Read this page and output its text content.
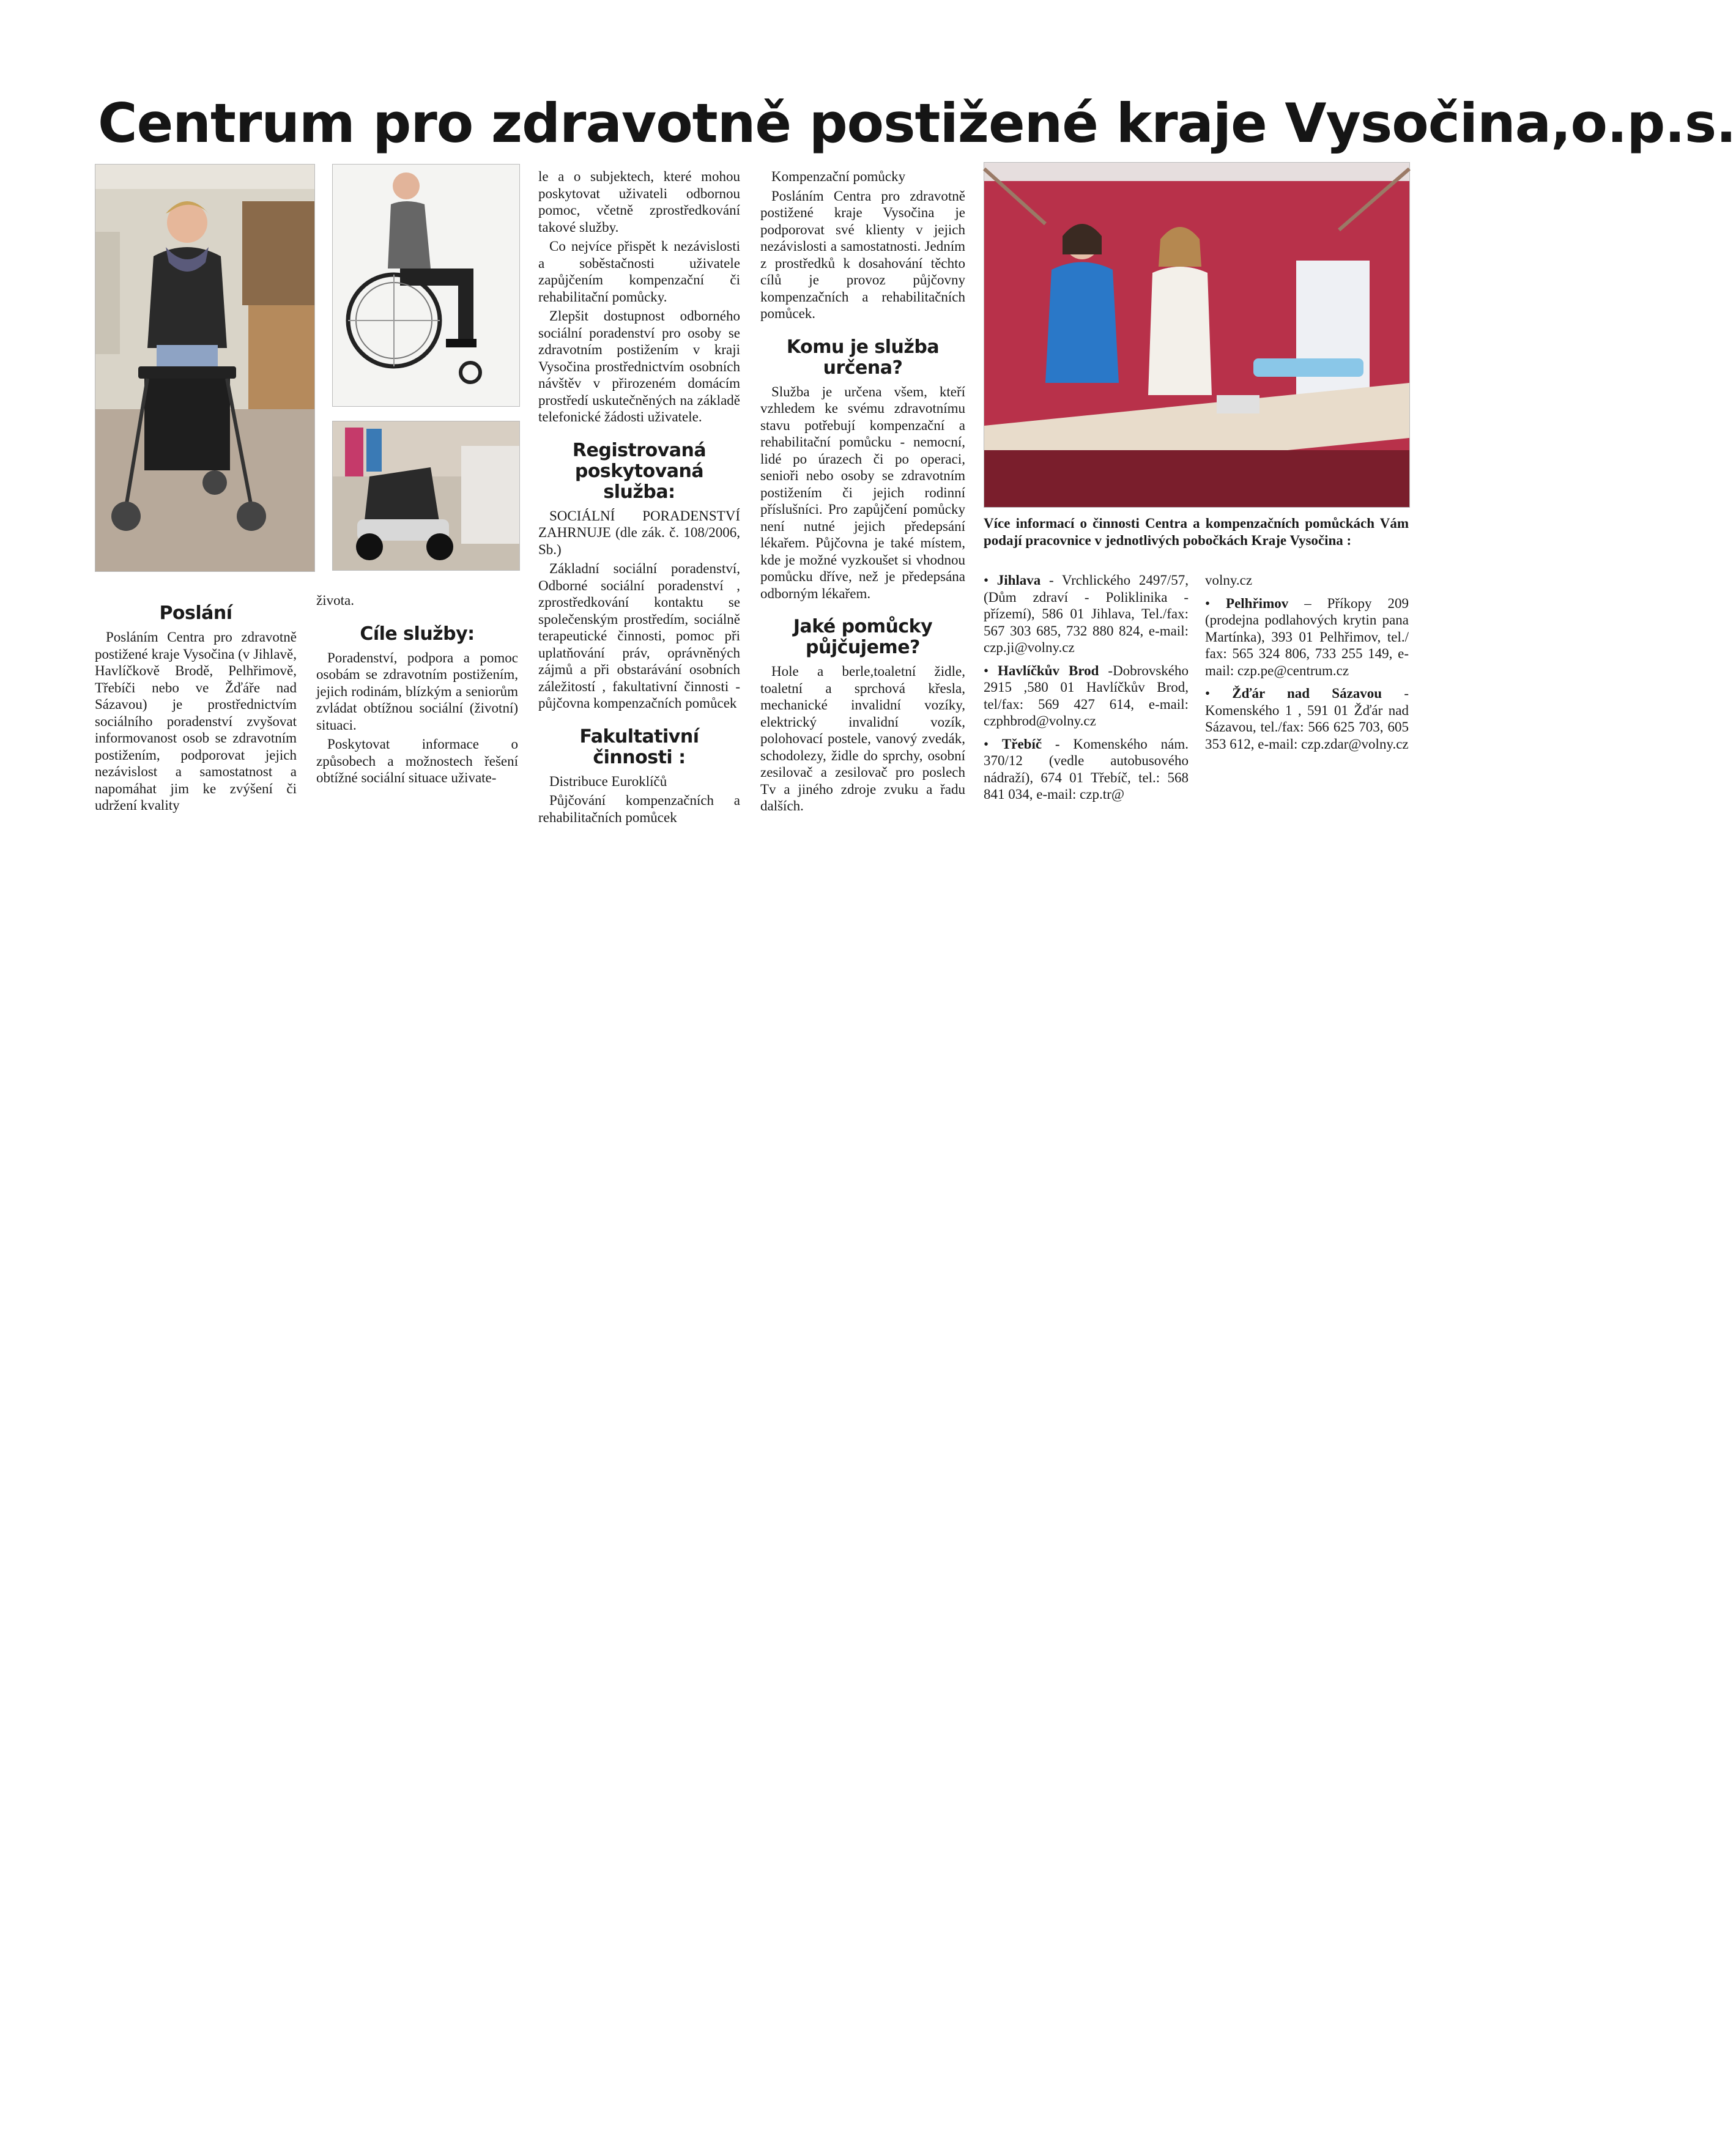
Centrum pro zdravotně postižené kraje Vysočina,o.p.s.
Poslání

Posláním Centra pro zdravotně postižené kraje Vysočina (v Jihlavě, Havlíčkově Brodě, Pelhřimově, Třebíči nebo ve Žďáře nad Sázavou) je prostřednictvím sociálního poradenství zvyšovat informovanost osob se zdravotním postižením, podporovat jejich nezávislost a samostatnost a napomáhat jim ke zvýšení či udržení kvality

života.

Cíle služby:

Poradenství, podpora a pomoc osobám se zdravotním postižením, jejich rodinám, blízkým a seniorům zvládat obtížnou sociální (životní) situaci.

Poskytovat informace o způsobech a možnostech řešení obtížné sociální situace uživate-

le a o subjektech, které mohou poskytovat uživateli odbornou pomoc, včetně zprostředkování takové služby.

Co nejvíce přispět k nezávislosti a soběstačnosti uživatele zapůjčením kompenzační či rehabilitační pomůcky.

Zlepšit dostupnost odborného sociální poradenství pro osoby se zdravotním postižením v kraji Vysočina prostřednictvím osobních návštěv v přirozeném domácím prostředí uskutečněných na základě telefonické žádosti uživatele.

Registrovaná poskytovaná služba:

SOCIÁLNÍ PORADENSTVÍ ZAHRNUJE (dle zák. č. 108/2006, Sb.)

Základní sociální poradenství, Odborné sociální poradenství , zprostředkování kontaktu se společenským prostředím, sociálně terapeutické činnosti, pomoc při uplatňování práv, oprávněných zájmů a při obstarávání osobních záležitostí , fakultativní činnosti - půjčovna kompenzačních pomůcek

Fakultativní činnosti :

Distribuce Euroklíčů

Půjčování kompenzačních a rehabilitačních pomůcek

Kompenzační pomůcky

Posláním Centra pro zdravotně postižené kraje Vysočina je podporovat své klienty v jejich nezávislosti a samostatnosti. Jedním z prostředků k dosahování těchto cílů je provoz půjčovny kompenzačních a rehabilitačních pomůcek.

Komu je služba určena?

Služba je určena všem, kteří vzhledem ke svému zdravotnímu stavu potřebují kompenzační a rehabilitační pomůcku - nemocní, lidé po úrazech či po operaci, senioři nebo osoby se zdravotním postižením či jejich rodinní příslušníci. Pro zapůjčení pomůcky není nutné jejich předepsání lékařem. Půjčovna je také místem, kde je možné vyzkoušet si vhodnou pomůcku dříve, než je předepsána odborným lékařem.

Jaké pomůcky půjčujeme?

Hole a berle,toaletní židle, toaletní a sprchová křesla, mechanické invalidní vozíky, elektrický invalidní vozík, polohovací postele, vanový zvedák, schodolezy, židle do sprchy, osobní zesilovač a zesilovač pro poslech Tv a jiného zdroje zvuku a řadu dalších.

Více informací o činnosti Centra a kompenzačních pomůckách Vám podají pracovnice v jednotlivých pobočkách Kraje Vysočina :

• Jihlava - Vrchlického 2497/57, (Dům zdraví - Poliklinika - přízemí), 586 01 Jihlava, Tel./fax: 567 303 685, 732 880 824, e-mail: czp.ji@volny.cz
• Havlíčkův Brod -Dobrovského 2915 ,580 01 Havlíčkův Brod, tel/fax: 569 427 614, e-mail: czphbrod@volny.cz
• Třebíč - Komenského nám. 370/12 (vedle autobusového nádraží), 674 01 Třebíč, tel.: 568 841 034, e-mail: czp.tr@
volny.cz
• Pelhřimov – Příkopy 209 (prodejna podlahových krytin pana Martínka), 393 01 Pelhřimov, tel./ fax: 565 324 806, 733 255 149, e-mail: czp.pe@centrum.cz
• Žďár nad Sázavou - Komenského 1 , 591 01 Žďár nad Sázavou, tel./fax: 566 625 703, 605 353 612, e-mail: czp.zdar@volny.cz
